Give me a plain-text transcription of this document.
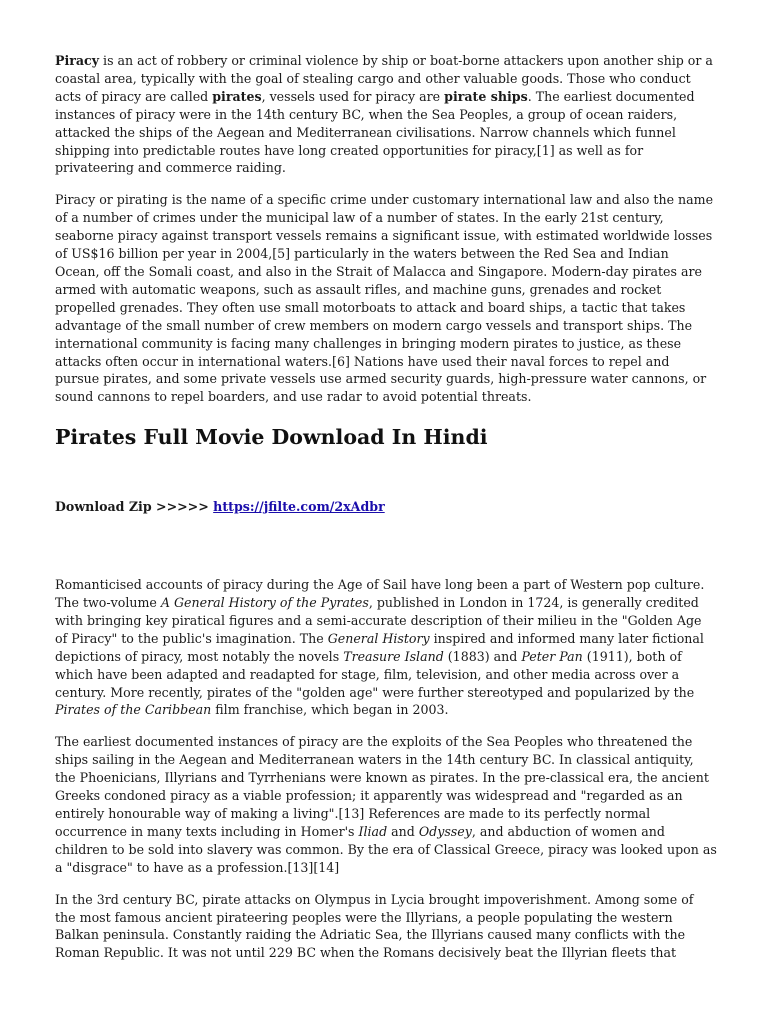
Piracy is an act of robbery or criminal violence by ship or boat-borne attackers upon another ship or a coastal area, typically with the goal of stealing cargo and other valuable goods. Those who conduct acts of piracy are called pirates, vessels used for piracy are pirate ships. The earliest documented instances of piracy were in the 14th century BC, when the Sea Peoples, a group of ocean raiders, attacked the ships of the Aegean and Mediterranean civilisations. Narrow channels which funnel shipping into predictable routes have long created opportunities for piracy,[1] as well as for privateering and commerce raiding.

Piracy or pirating is the name of a specific crime under customary international law and also the name of a number of crimes under the municipal law of a number of states. In the early 21st century, seaborne piracy against transport vessels remains a significant issue, with estimated worldwide losses of US$16 billion per year in 2004,[5] particularly in the waters between the Red Sea and Indian Ocean, off the Somali coast, and also in the Strait of Malacca and Singapore. Modern-day pirates are armed with automatic weapons, such as assault rifles, and machine guns, grenades and rocket propelled grenades. They often use small motorboats to attack and board ships, a tactic that takes advantage of the small number of crew members on modern cargo vessels and transport ships. The international community is facing many challenges in bringing modern pirates to justice, as these attacks often occur in international waters.[6] Nations have used their naval forces to repel and pursue pirates, and some private vessels use armed security guards, high-pressure water cannons, or sound cannons to repel boarders, and use radar to avoid potential threats.

Pirates Full Movie Download In Hindi

Download Zip >>>>> https://jfilte.com/2xAdbr

Romanticised accounts of piracy during the Age of Sail have long been a part of Western pop culture. The two-volume A General History of the Pyrates, published in London in 1724, is generally credited with bringing key piratical figures and a semi-accurate description of their milieu in the "Golden Age of Piracy" to the public's imagination. The General History inspired and informed many later fictional depictions of piracy, most notably the novels Treasure Island (1883) and Peter Pan (1911), both of which have been adapted and readapted for stage, film, television, and other media across over a century. More recently, pirates of the "golden age" were further stereotyped and popularized by the Pirates of the Caribbean film franchise, which began in 2003.

The earliest documented instances of piracy are the exploits of the Sea Peoples who threatened the ships sailing in the Aegean and Mediterranean waters in the 14th century BC. In classical antiquity, the Phoenicians, Illyrians and Tyrrhenians were known as pirates. In the pre-classical era, the ancient Greeks condoned piracy as a viable profession; it apparently was widespread and "regarded as an entirely honourable way of making a living".[13] References are made to its perfectly normal occurrence in many texts including in Homer's Iliad and Odyssey, and abduction of women and children to be sold into slavery was common. By the era of Classical Greece, piracy was looked upon as a "disgrace" to have as a profession.[13][14]

In the 3rd century BC, pirate attacks on Olympus in Lycia brought impoverishment. Among some of the most famous ancient pirateering peoples were the Illyrians, a people populating the western Balkan peninsula. Constantly raiding the Adriatic Sea, the Illyrians caused many conflicts with the Roman Republic. It was not until 229 BC when the Romans decisively beat the Illyrian fleets that
